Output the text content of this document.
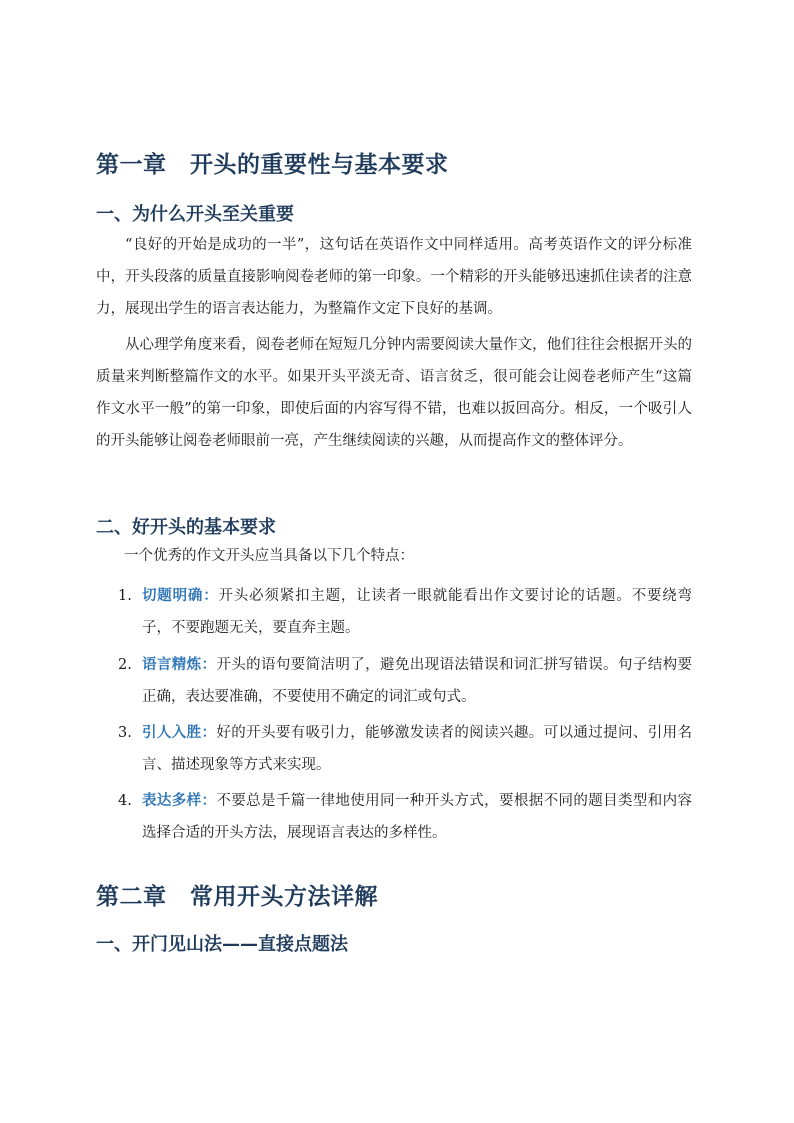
第一章　开头的重要性与基本要求
一、为什么开头至关重要

“良好的开始是成功的一半”，这句话在英语作文中同样适用。高考英语作文的评分标准中，开头段落的质量直接影响阅卷老师的第一印象。一个精彩的开头能够迅速抓住读者的注意力，展现出学生的语言表达能力，为整篇作文定下良好的基调。

从心理学角度来看，阅卷老师在短短几分钟内需要阅读大量作文，他们往往会根据开头的质量来判断整篇作文的水平。如果开头平淡无奇、语言贫乏，很可能会让阅卷老师产生“这篇作文水平一般”的第一印象，即使后面的内容写得不错，也难以扳回高分。相反，一个吸引人的开头能够让阅卷老师眼前一亮，产生继续阅读的兴趣，从而提高作文的整体评分。

二、好开头的基本要求

一个优秀的作文开头应当具备以下几个特点：

1. 切题明确：开头必须紧扣主题，让读者一眼就能看出作文要讨论的话题。不要绕弯子，不要跑题无关，要直奔主题。
2. 语言精炼：开头的语句要简洁明了，避免出现语法错误和词汇拼写错误。句子结构要正确，表达要准确，不要使用不确定的词汇或句式。
3. 引人入胜：好的开头要有吸引力，能够激发读者的阅读兴趣。可以通过提问、引用名言、描述现象等方式来实现。
4. 表达多样：不要总是千篇一律地使用同一种开头方式，要根据不同的题目类型和内容选择合适的开头方法，展现语言表达的多样性。
第二章　常用开头方法详解
一、开门见山法——直接点题法
